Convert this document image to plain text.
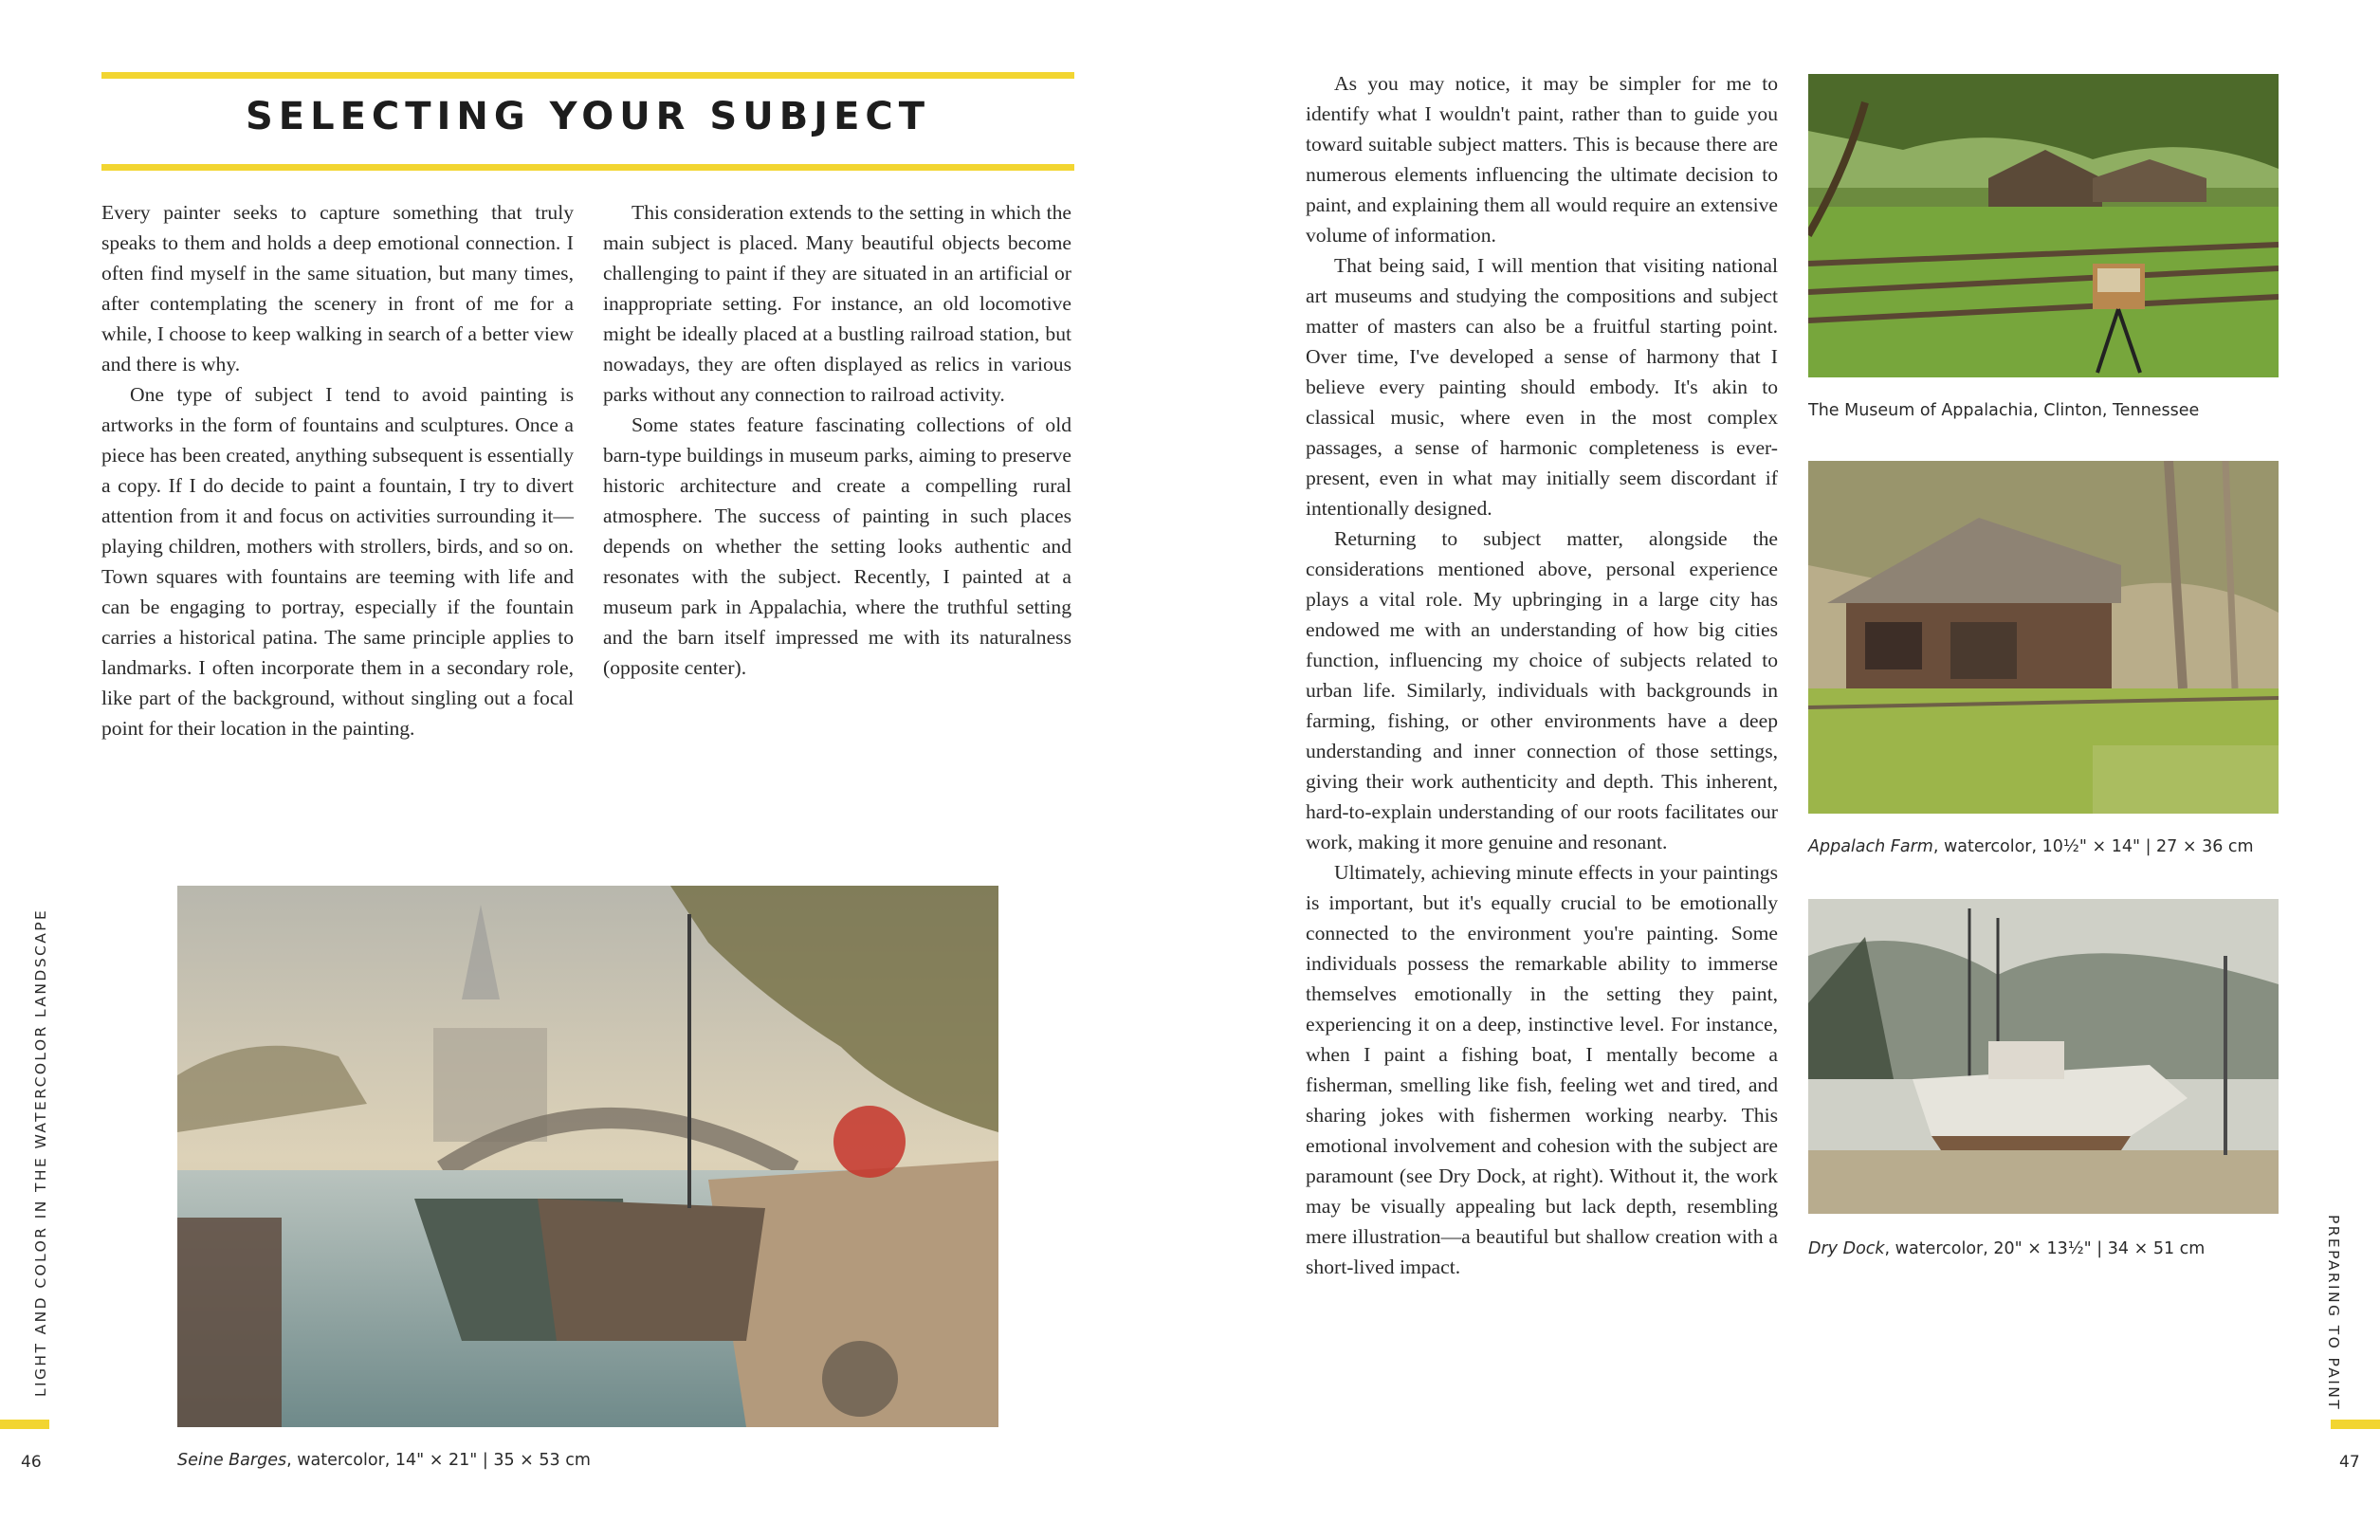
SELECTING YOUR SUBJECT

Every painter seeks to capture something that truly speaks to them and holds a deep emotional connection. I often find myself in the same situation, but many times, after contemplating the scenery in front of me for a while, I choose to keep walking in search of a better view and there is why.

One type of subject I tend to avoid painting is artworks in the form of fountains and sculptures. Once a piece has been created, anything subsequent is essentially a copy. If I do decide to paint a fountain, I try to divert attention from it and focus on activities surrounding it—playing children, mothers with strollers, birds, and so on. Town squares with fountains are teeming with life and can be engaging to portray, especially if the fountain carries a historical patina. The same principle applies to landmarks. I often incorporate them in a secondary role, like part of the background, without singling out a focal point for their location in the painting.

This consideration extends to the setting in which the main subject is placed. Many beautiful objects become challenging to paint if they are situated in an artificial or inappropriate setting. For instance, an old locomotive might be ideally placed at a bustling railroad station, but nowadays, they are often displayed as relics in various parks without any connection to railroad activity.

Some states feature fascinating collections of old barn-type buildings in museum parks, aiming to preserve historic architecture and create a compelling rural atmosphere. The success of painting in such places depends on whether the setting looks authentic and resonates with the subject. Recently, I painted at a museum park in Appalachia, where the truthful setting and the barn itself impressed me with its naturalness (opposite center).

Seine Barges, watercolor, 14" × 21" | 35 × 53 cm
LIGHT AND COLOR IN THE WATERCOLOR LANDSCAPE
46

As you may notice, it may be simpler for me to identify what I wouldn't paint, rather than to guide you toward suitable subject matters. This is because there are numerous elements influencing the ultimate decision to paint, and explaining them all would require an extensive volume of information.

That being said, I will mention that visiting national art museums and studying the compositions and subject matter of masters can also be a fruitful starting point. Over time, I've developed a sense of harmony that I believe every painting should embody. It's akin to classical music, where even in the most complex passages, a sense of harmonic completeness is ever-present, even in what may initially seem discordant if intentionally designed.

Returning to subject matter, alongside the considerations mentioned above, personal experience plays a vital role. My upbringing in a large city has endowed me with an understanding of how big cities function, influencing my choice of subjects related to urban life. Similarly, individuals with backgrounds in farming, fishing, or other environments have a deep understanding and inner connection of those settings, giving their work authenticity and depth. This inherent, hard-to-explain understanding of our roots facilitates our work, making it more genuine and resonant.

Ultimately, achieving minute effects in your paintings is important, but it's equally crucial to be emotionally connected to the environment you're painting. Some individuals possess the remarkable ability to immerse themselves emotionally in the setting they paint, experiencing it on a deep, instinctive level. For instance, when I paint a fishing boat, I mentally become a fisherman, smelling like fish, feeling wet and tired, and sharing jokes with fishermen working nearby. This emotional involvement and cohesion with the subject are paramount (see Dry Dock, at right). Without it, the work may be visually appealing but lack depth, resembling mere illustration—a beautiful but shallow creation with a short-lived impact.

The Museum of Appalachia, Clinton, Tennessee
Appalach Farm, watercolor, 10½" × 14" | 27 × 36 cm
Dry Dock, watercolor, 20" × 13½" | 34 × 51 cm	PREPARING TO PAINT
47
